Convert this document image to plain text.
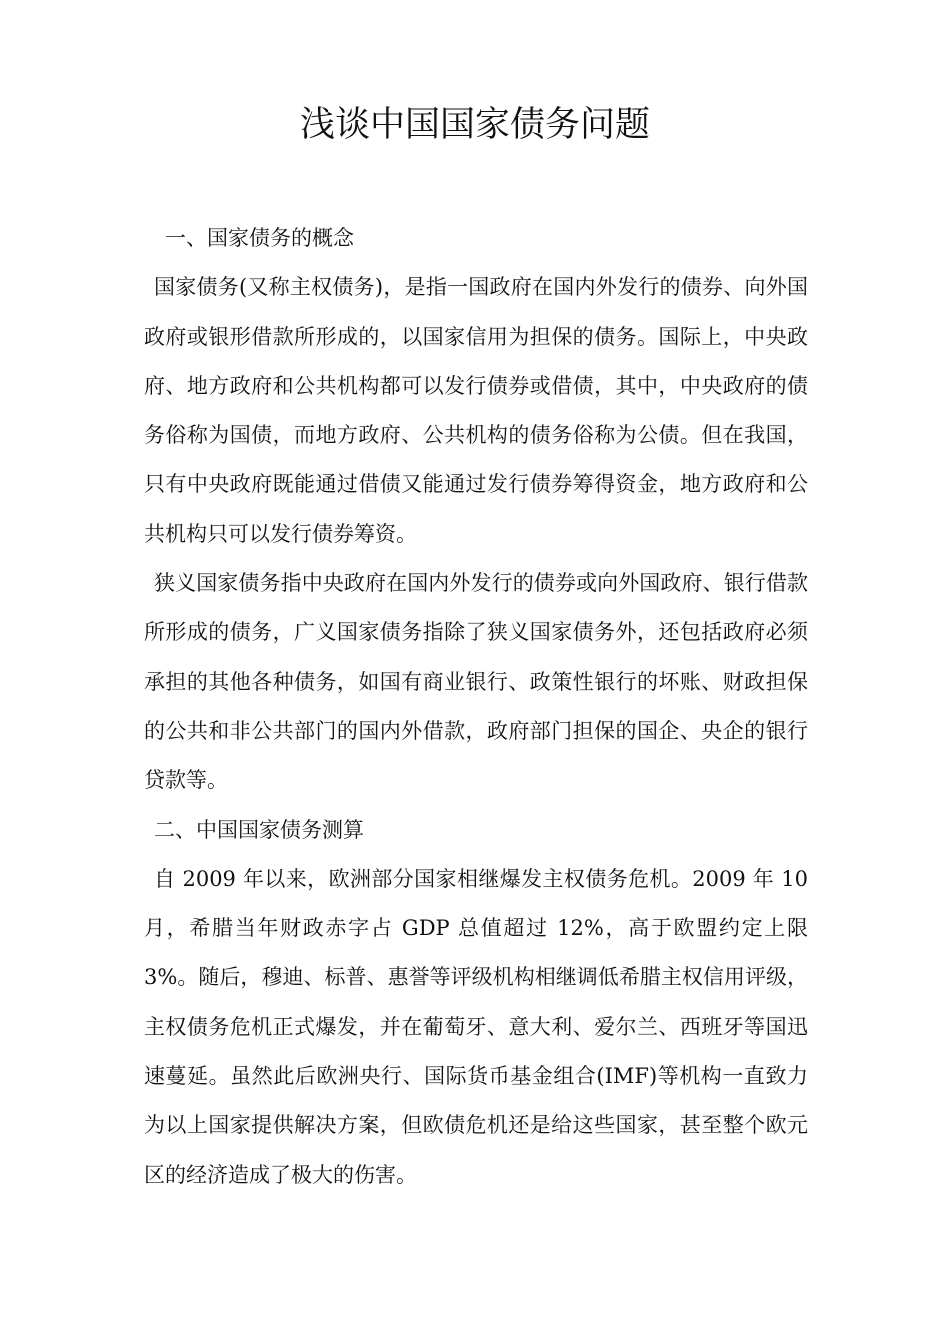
浅谈中国国家债务问题

一、国家债务的概念

国家债务(又称主权债务)，是指一国政府在国内外发行的债券、向外国政府或银形借款所形成的，以国家信用为担保的债务。国际上，中央政府、地方政府和公共机构都可以发行债券或借债，其中，中央政府的债务俗称为国债，而地方政府、公共机构的债务俗称为公债。但在我国，只有中央政府既能通过借债又能通过发行债券筹得资金，地方政府和公共机构只可以发行债券筹资。

狭义国家债务指中央政府在国内外发行的债券或向外国政府、银行借款所形成的债务，广义国家债务指除了狭义国家债务外，还包括政府必须承担的其他各种债务，如国有商业银行、政策性银行的坏账、财政担保的公共和非公共部门的国内外借款，政府部门担保的国企、央企的银行贷款等。

二、中国国家债务测算

自 2009 年以来，欧洲部分国家相继爆发主权债务危机。2009 年 10 月，希腊当年财政赤字占 GDP 总值超过 12%，高于欧盟约定上限 3%。随后，穆迪、标普、惠誉等评级机构相继调低希腊主权信用评级，主权债务危机正式爆发，并在葡萄牙、意大利、爱尔兰、西班牙等国迅速蔓延。虽然此后欧洲央行、国际货币基金组合(IMF)等机构一直致力为以上国家提供解决方案，但欧债危机还是给这些国家，甚至整个欧元区的经济造成了极大的伤害。
